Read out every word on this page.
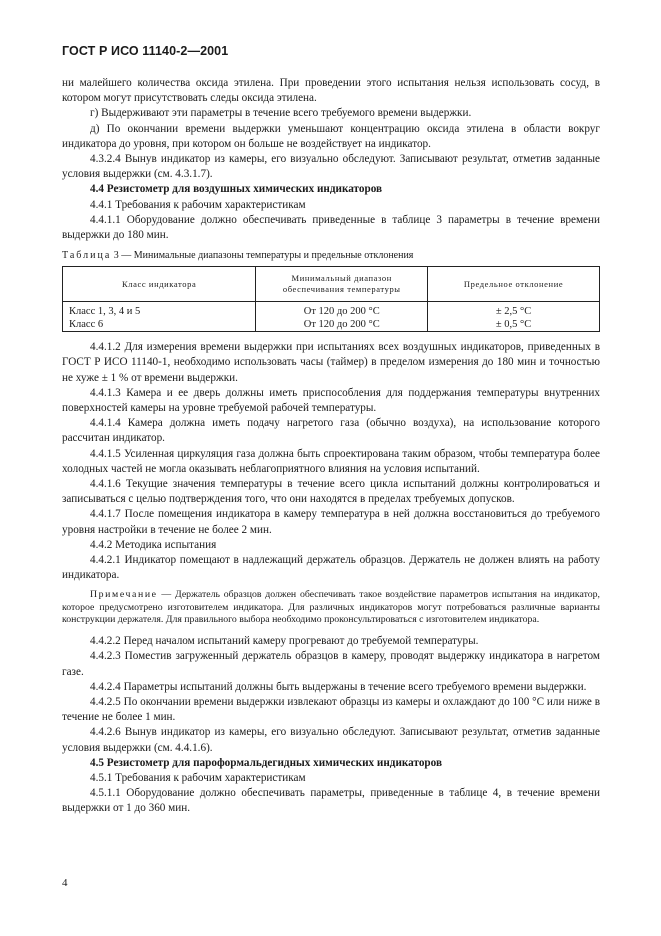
ГОСТ Р ИСО 11140-2—2001

ни малейшего количества оксида этилена. При проведении этого испытания нельзя использовать сосуд, в котором могут присутствовать следы оксида этилена.

г) Выдерживают эти параметры в течение всего требуемого времени выдержки.

д) По окончании времени выдержки уменьшают концентрацию оксида этилена в области вокруг индикатора до уровня, при котором он больше не воздействует на индикатор.

4.3.2.4 Вынув индикатор из камеры, его визуально обследуют. Записывают результат, отметив заданные условия выдержки (см. 4.3.1.7).

4.4 Резистометр для воздушных химических индикаторов

4.4.1 Требования к рабочим характеристикам

4.4.1.1 Оборудование должно обеспечивать приведенные в таблице 3 параметры в течение времени выдержки до 180 мин.

Таблица 3 — Минимальные диапазоны температуры и предельные отклонения

Класс индикатора	Минимальный диапазон обеспечивания температуры	Предельное отклонение
Класс 1, 3, 4 и 5	От 120 до 200 °С	± 2,5 °С
Класс 6	От 120 до 200 °С	± 0,5 °С

4.4.1.2 Для измерения времени выдержки при испытаниях всех воздушных индикаторов, приведенных в ГОСТ Р ИСО 11140-1, необходимо использовать часы (таймер) в пределом измерения до 180 мин и точностью не хуже ± 1 % от времени выдержки.

4.4.1.3 Камера и ее дверь должны иметь приспособления для поддержания температуры внутренних поверхностей камеры на уровне требуемой рабочей температуры.

4.4.1.4 Камера должна иметь подачу нагретого газа (обычно воздуха), на использование которого рассчитан индикатор.

4.4.1.5 Усиленная циркуляция газа должна быть спроектирована таким образом, чтобы температура более холодных частей не могла оказывать неблагоприятного влияния на условия испытаний.

4.4.1.6 Текущие значения температуры в течение всего цикла испытаний должны контролироваться и записываться с целью подтверждения того, что они находятся в пределах требуемых допусков.

4.4.1.7 После помещения индикатора в камеру температура в ней должна восстановиться до требуемого уровня настройки в течение не более 2 мин.

4.4.2 Методика испытания

4.4.2.1 Индикатор помещают в надлежащий держатель образцов. Держатель не должен влиять на работу индикатора.

Примечание — Держатель образцов должен обеспечивать такое воздействие параметров испытания на индикатор, которое предусмотрено изготовителем индикатора. Для различных индикаторов могут потребоваться различные варианты конструкции держателя. Для правильного выбора необходимо проконсультироваться с изготовителем индикатора.

4.4.2.2 Перед началом испытаний камеру прогревают до требуемой температуры.

4.4.2.3 Поместив загруженный держатель образцов в камеру, проводят выдержку индикатора в нагретом газе.

4.4.2.4 Параметры испытаний должны быть выдержаны в течение всего требуемого времени выдержки.

4.4.2.5 По окончании времени выдержки извлекают образцы из камеры и охлаждают до 100 °С или ниже в течение не более 1 мин.

4.4.2.6 Вынув индикатор из камеры, его визуально обследуют. Записывают результат, отметив заданные условия выдержки (см. 4.4.1.6).

4.5 Резистометр для пароформальдегидных химических индикаторов

4.5.1 Требования к рабочим характеристикам

4.5.1.1 Оборудование должно обеспечивать параметры, приведенные в таблице 4, в течение времени выдержки от 1 до 360 мин.

4
